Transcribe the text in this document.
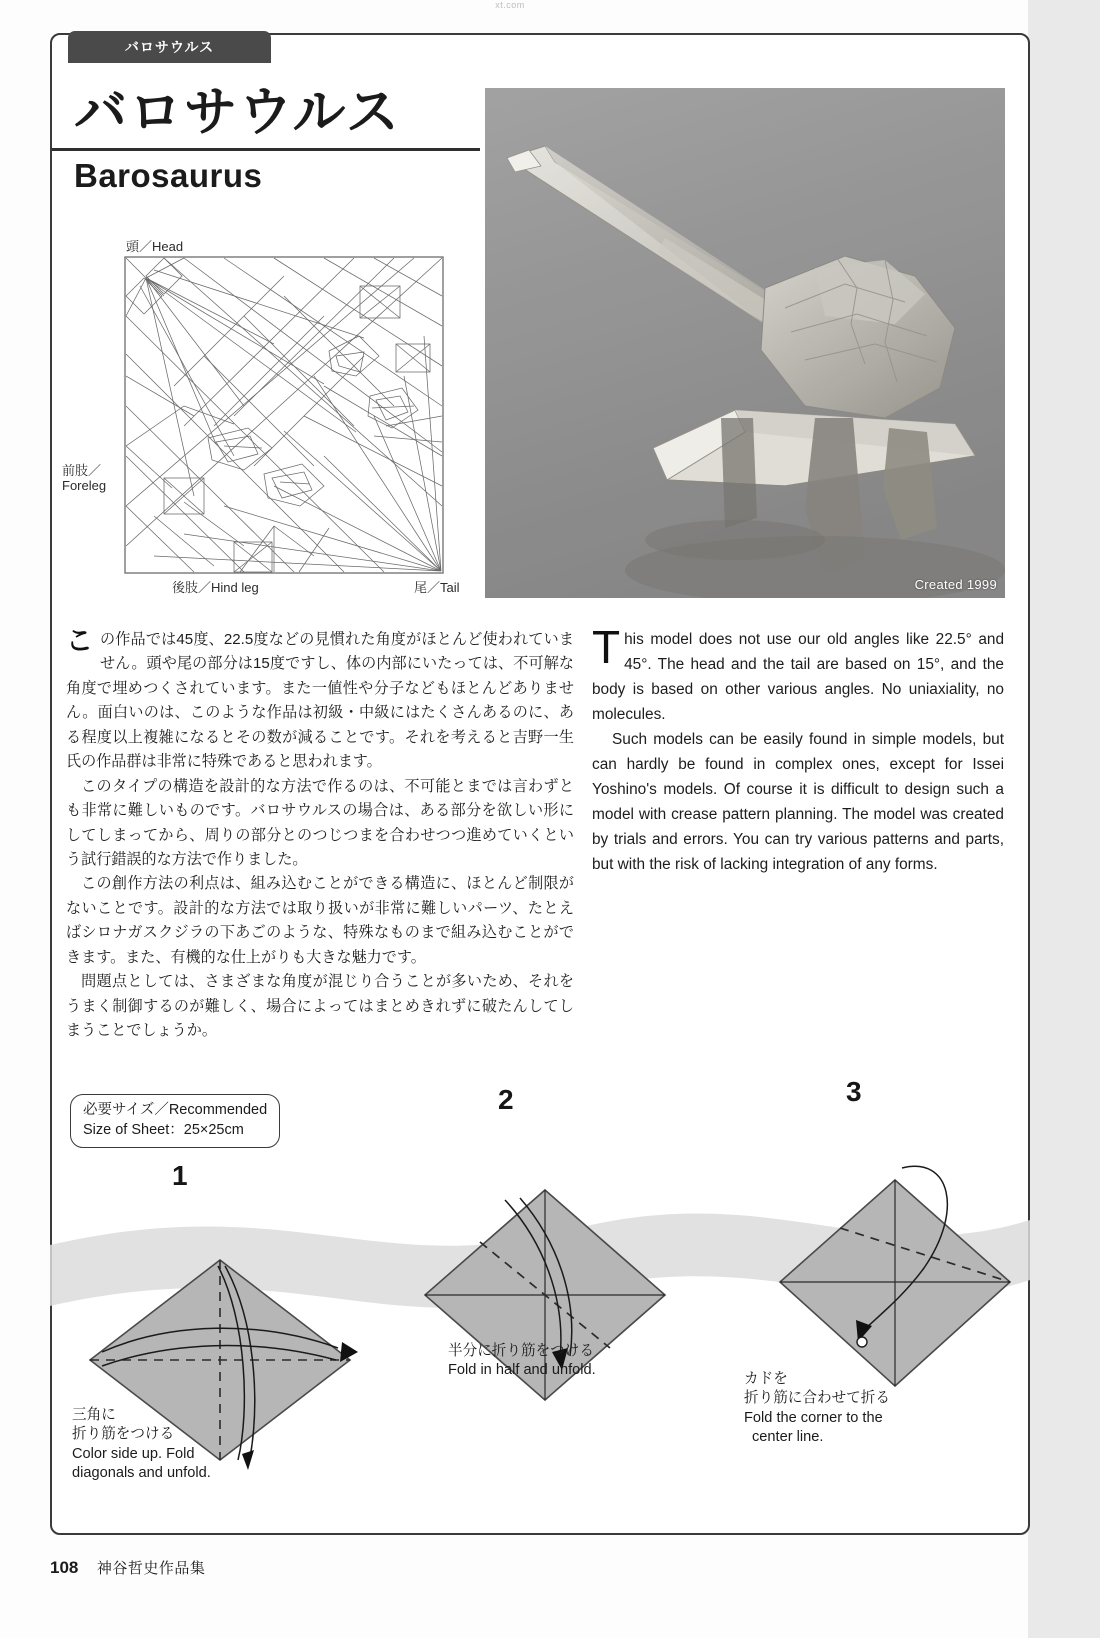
xt.com
バロサウルス
バロサウルス
Barosaurus
頭／Head
前肢／
Foreleg
後肢／Hind leg	尾／Tail	Created 1999

この作品では45度、22.5度などの見慣れた角度がほとんど使われていません。頭や尾の部分は15度ですし、体の内部にいたっては、不可解な角度で埋めつくされています。また一値性や分子などもほとんどありません。面白いのは、このような作品は初級・中級にはたくさんあるのに、ある程度以上複雑になるとその数が減ることです。それを考えると吉野一生氏の作品群は非常に特殊であると思われます。

このタイプの構造を設計的な方法で作るのは、不可能とまでは言わずとも非常に難しいものです。バロサウルスの場合は、ある部分を欲しい形にしてしまってから、周りの部分とのつじつまを合わせつつ進めていくという試行錯誤的な方法で作りました。

この創作方法の利点は、組み込むことができる構造に、ほとんど制限がないことです。設計的な方法では取り扱いが非常に難しいパーツ、たとえばシロナガスクジラの下あごのような、特殊なものまで組み込むことができます。また、有機的な仕上がりも大きな魅力です。

問題点としては、さまざまな角度が混じり合うことが多いため、それをうまく制御するのが難しく、場合によってはまとめきれずに破たんしてしまうことでしょうか。

This model does not use our old angles like 22.5° and 45°. The head and the tail are based on 15°, and the body is based on other various angles. No uniaxiality, no molecules.

Such models can be easily found in simple models, but can hardly be found in complex ones, except for Issei Yoshino's models. Of course it is difficult to design such a model with crease pattern planning. The model was created by trials and errors. You can try various patterns and parts, but with the risk of lacking integration of any forms.

必要サイズ／Recommended
Size of Sheet：25×25cm
1
2	3
三角に
折り筋をつける
Color side up. Fold
diagonals and unfold.
半分に折り筋をつける
Fold in half and unfold.
カドを
折り筋に合わせて折る
Fold the corner to the
center line.
108 神谷哲史作品集
